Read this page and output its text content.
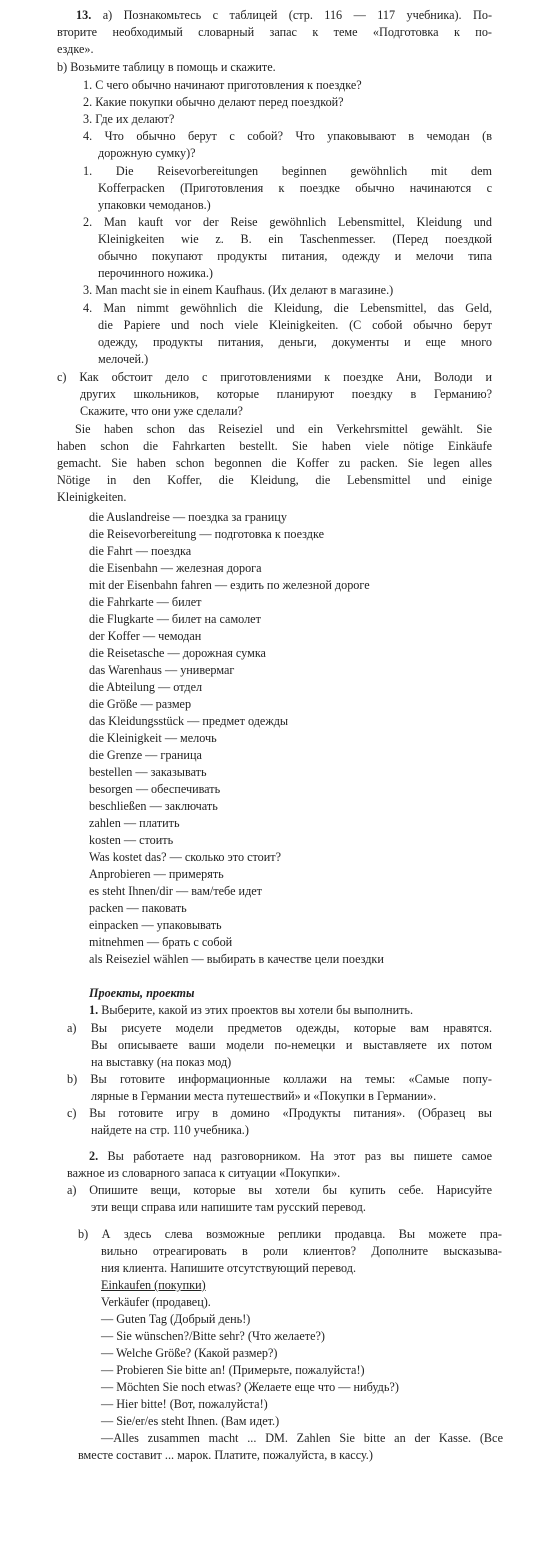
13. а) Познакомьтесь с таблицей (стр. 116 — 117 учебника). По-
вторите необходимый словарный запас к теме «Подготовка к по-
ездке».
b) Возьмите таблицу в помощь и скажите.
1. С чего обычно начинают приготовления к поездке?
2. Какие покупки обычно делают перед поездкой?
3. Где их делают?
4. Что обычно берут с собой? Что упаковывают в чемодан (в
дорожную сумку)?
1. Die Reisevorbereitungen beginnen gewöhnlich mit dem
Kofferpacken (Приготовления к поездке обычно начинаются с
упаковки чемоданов.)
2. Man kauft vor der Reise gewöhnlich Lebensmittel, Kleidung und
Kleinigkeiten wie z. B. ein Taschenmesser. (Перед поездкой
обычно покупают продукты питания, одежду и мелочи типа
перочинного ножика.)
3. Man macht sie in einem Kaufhaus. (Их делают в магазине.)
4. Man nimmt gewöhnlich die Kleidung, die Lebensmittel, das Geld,
die Papiere und noch viele Kleinigkeiten. (С собой обычно берут
одежду, продукты питания, деньги, документы и еще много
мелочей.)
c) Как обстоит дело с приготовлениями к поездке Ани, Володи и
другиx школьников, которые планируют поездку в Германию?
Скажите, что они уже сделали?
Sie haben schon das Reiseziel und ein Verkehrsmittel gewählt. Sie
haben schon die Fahrkarten bestellt. Sie haben viele nötige Einkäufe
gemacht. Sie haben schon begonnen die Koffer zu packen. Sie legen alles
Nötige in den Koffer, die Kleidung, die Lebensmittel und einige
Kleinigkeiten.
die Auslandreise — поездка за границу
die Reisevorbereitung — подготовка к поездке
die Fahrt — поездка
die Eisenbahn — железная дорога
mit der Eisenbahn fahren — ездить по железной дороге
die Fahrkarte — билет
die Flugkarte — билет на самолет
der Koffer — чемодан
die Reisetasche — дорожная сумка
das Warenhaus — универмаг
die Abteilung — отдел
die Größe — размер
das Kleidungsstück — предмет одежды
die Kleinigkeit — мелочь
die Grenze — граница
bestellen — заказывать
besorgen — обеспечивать
beschließen — заключать
zahlen — платить
kosten — стоить
Was kostet das? — сколько это стоит?
Anprobieren — примерять
es steht Ihnen/dir — вам/тебе идет
packen — паковать
einpacken — упаковывать
mitnehmen — брать с собой
als Reiseziel wählen — выбирать в качестве цели поездки
Проекты, проекты
1. Выберите, какой из этих проектов вы хотели бы выполнить.
a) Вы рисуете модели предметов одежды, которые вам нравятся.
Вы описываете ваши модели по-немецки и выставляете их потом
на выставку (на показ мод)
b) Вы готовите информационные коллажи на темы: «Самые попу-
лярные в Германии места путешествий» и «Покупки в Германии».
c) Вы готовите игру в домино «Продукты питания». (Образец вы
найдете на стр. 110 учебника.)
2. Вы работаете над разговорником. На этот раз вы пишете самое
важное из словарного запаса к ситуации «Покупки».
a) Опишите вещи, которые вы хотели бы купить себе. Нарисуйте
эти вещи справа или напишите там русский перевод.
b) А здесь слева возможные реплики продавца. Вы можете пра-
вильно отреагировать в роли клиентов? Дополните высказыва-
ния клиента. Напишите отсутствующий перевод.
Einkaufen (покупки)
Verkäufer (продавец).
— Guten Tag (Добрый день!)
— Sie wünschen?/Bitte sehr? (Что желаете?)
— Welche Größe? (Какой размер?)
— Probieren Sie bitte an! (Примерьте, пожалуйста!)
— Möchten Sie noch etwas? (Желаете еще что — нибудь?)
— Hier bitte! (Вот, пожалуйста!)
— Sie/er/es steht Ihnen. (Вам идет.)
—Alles zusammen macht ... DM. Zahlen Sie bitte an der Kasse. (Все
вместе составит ... марок. Платите, пожалуйста, в кассу.)
